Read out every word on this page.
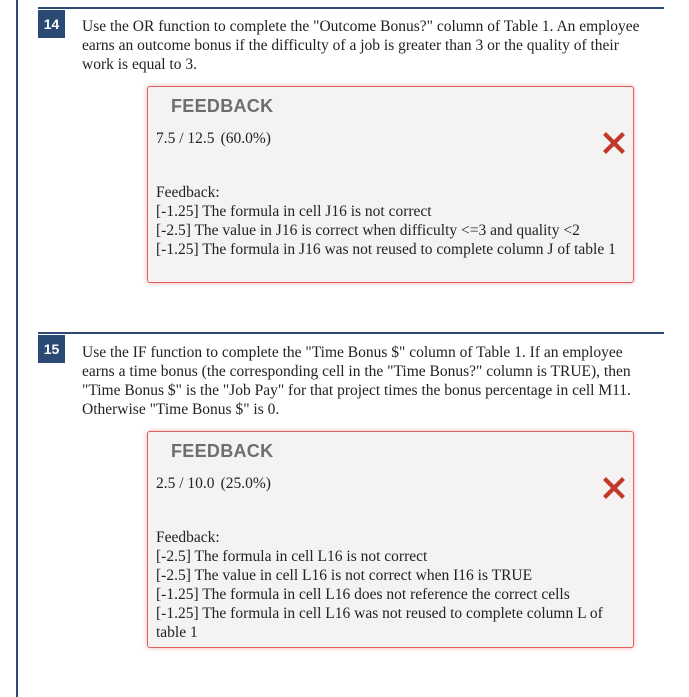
14	Use the OR function to complete the "Outcome Bonus?" column of Table 1. An employee earns an outcome bonus if the difficulty of a job is greater than 3 or the quality of their work is equal to 3.
FEEDBACK
7.5 / 12.5 (60.0%)
Feedback:
[-1.25] The formula in cell J16 is not correct
[-2.5] The value in J16 is correct when difficulty <=3 and quality <2
[-1.25] The formula in J16 was not reused to complete column J of table 1
15	Use the IF function to complete the "Time Bonus $" column of Table 1. If an employee earns a time bonus (the corresponding cell in the "Time Bonus?" column is TRUE), then "Time Bonus $" is the "Job Pay" for that project times the bonus percentage in cell M11. Otherwise "Time Bonus $" is 0.
FEEDBACK
2.5 / 10.0 (25.0%)
Feedback:
[-2.5] The formula in cell L16 is not correct
[-2.5] The value in cell L16 is not correct when I16 is TRUE
[-1.25] The formula in cell L16 does not reference the correct cells
[-1.25] The formula in cell L16 was not reused to complete column L of table 1
